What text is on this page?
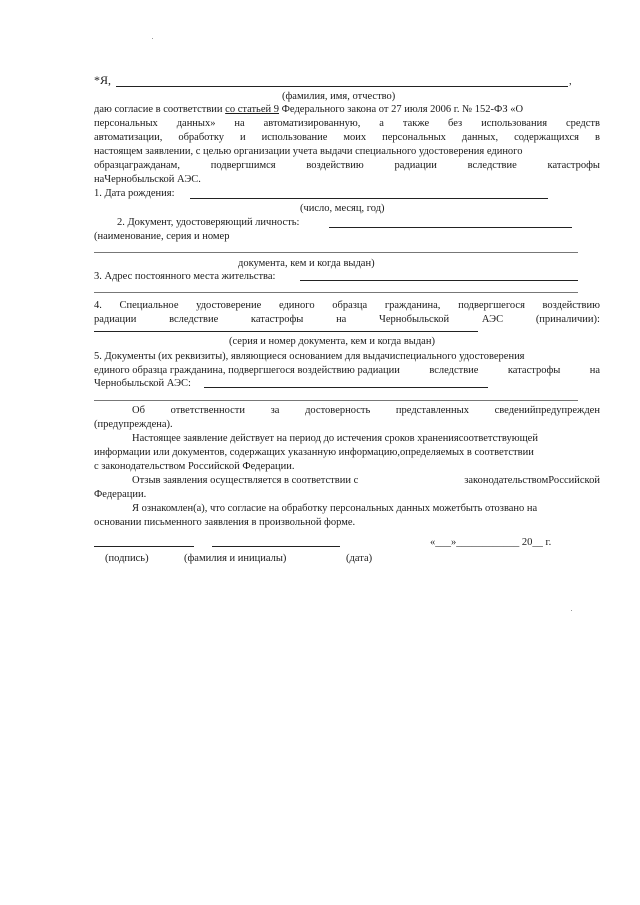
*Я,	,
(фамилия, имя, отчество)
даю согласие в соответствии со статьей 9 Федерального закона от 27 июля 2006 г. № 152-ФЗ «О
персональных данных» на автоматизированную, а также без использования средств
автоматизации, обработку и использование моих персональных данных, содержащихся в
настоящем заявлении, с целью организации учета выдачи специального удостоверения единого
образцагражданам,	подвергшимся	воздействию	радиации	вследствие	катастрофы
наЧернобыльской АЭС.
1. Дата рождения:
(число, месяц, год)
2. Документ, удостоверяющий личность:
(наименование, серия и номер
документа, кем и когда выдан)
3. Адрес постоянного места жительства:
4. Специальное удостоверение единого образца гражданина, подвергшегося воздействию
радиации	вследствие	катастрофы	на	Чернобыльской	АЭС	(приналичии):
(серия и номер документа, кем и когда выдан)
5. Документы (их реквизиты), являющиеся основанием для выдачиспециального удостоверения
единого образца гражданина, подвергшегося воздействию радиации	вследствие	катастрофы	на
Чернобыльской АЭС:
Об ответственности за достоверность представленных сведенийпредупрежден
(предупреждена).
Настоящее заявление действует на период до истечения сроков хранениясоответствующей
информации или документов, содержащих указанную информацию,определяемых в соответствии
с законодательством Российской Федерации.
Отзыв заявления осуществляется в соответствии с	законодательствомРоссийской
Федерации.
Я ознакомлен(а), что согласие на обработку персональных данных можетбыть отозвано на
основании письменного заявления в произвольной форме.
«___»____________ 20__ г.
(подпись)	(фамилия и инициалы)	(дата)
